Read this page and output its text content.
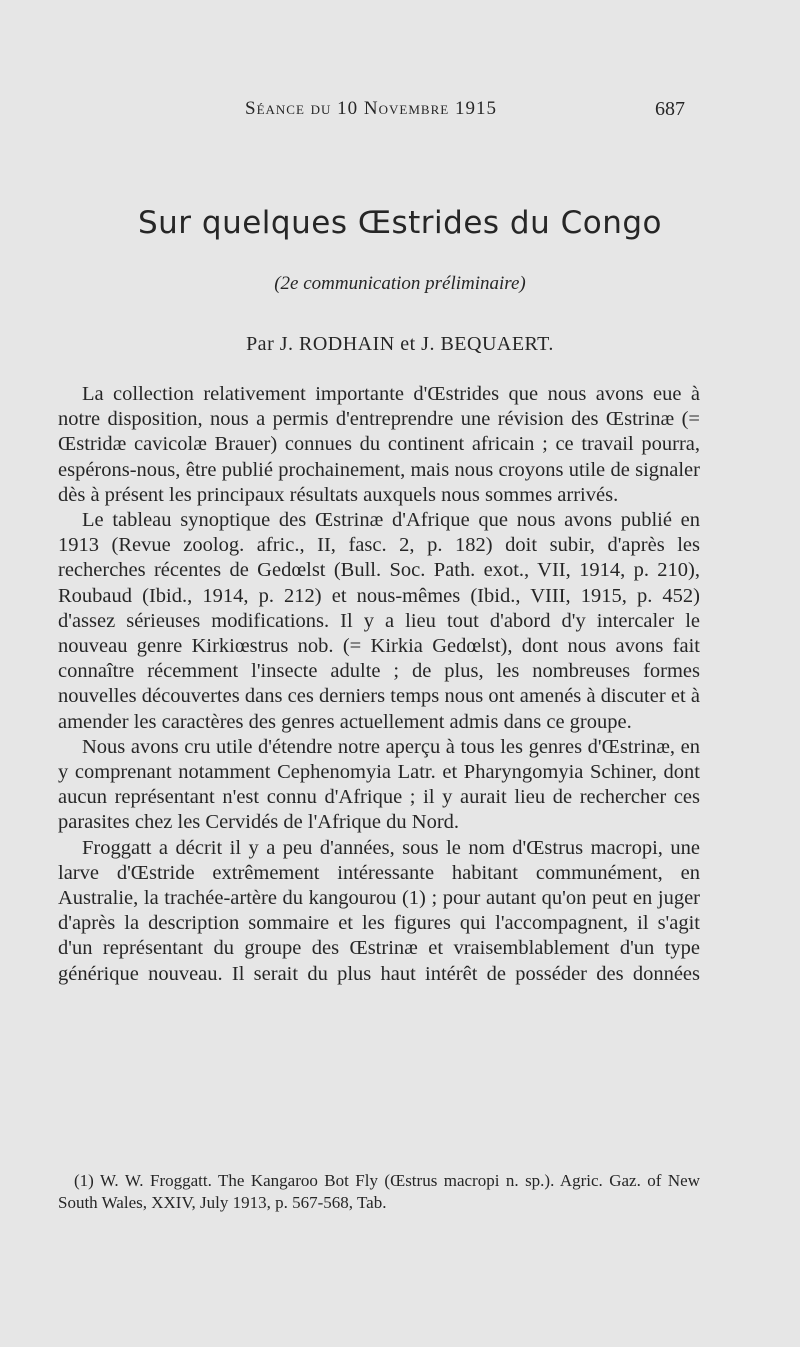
Séance du 10 Novembre 1915	687
Sur quelques Œstrides du Congo
(2e communication préliminaire)
Par J. RODHAIN et J. BEQUAERT.

La collection relativement importante d'Œstrides que nous avons eue à notre disposition, nous a permis d'entreprendre une révision des Œstrinæ (= Œstridæ cavicolæ Brauer) connues du continent africain ; ce travail pourra, espérons-nous, être publié prochainement, mais nous croyons utile de signaler dès à présent les principaux résultats auxquels nous sommes arrivés.

Le tableau synoptique des Œstrinæ d'Afrique que nous avons publié en 1913 (Revue zoolog. afric., II, fasc. 2, p. 182) doit subir, d'après les recherches récentes de Gedœlst (Bull. Soc. Path. exot., VII, 1914, p. 210), Roubaud (Ibid., 1914, p. 212) et nous-mêmes (Ibid., VIII, 1915, p. 452) d'assez sérieuses modifications. Il y a lieu tout d'abord d'y intercaler le nouveau genre Kirkiœstrus nob. (= Kirkia Gedœlst), dont nous avons fait connaître récemment l'insecte adulte ; de plus, les nombreuses formes nouvelles découvertes dans ces derniers temps nous ont amenés à discuter et à amender les caractères des genres actuellement admis dans ce groupe.

Nous avons cru utile d'étendre notre aperçu à tous les genres d'Œstrinæ, en y comprenant notamment Cephenomyia Latr. et Pharyngomyia Schiner, dont aucun représentant n'est connu d'Afrique ; il y aurait lieu de rechercher ces parasites chez les Cervidés de l'Afrique du Nord.

Froggatt a décrit il y a peu d'années, sous le nom d'Œstrus macropi, une larve d'Œstride extrêmement intéressante habitant communément, en Australie, la trachée-artère du kangourou (1) ; pour autant qu'on peut en juger d'après la description sommaire et les figures qui l'accompagnent, il s'agit d'un représentant du groupe des Œstrinæ et vraisemblablement d'un type générique nouveau. Il serait du plus haut intérêt de posséder des données

(1) W. W. Froggatt. The Kangaroo Bot Fly (Œstrus macropi n. sp.). Agric. Gaz. of New South Wales, XXIV, July 1913, p. 567-568, Tab.
